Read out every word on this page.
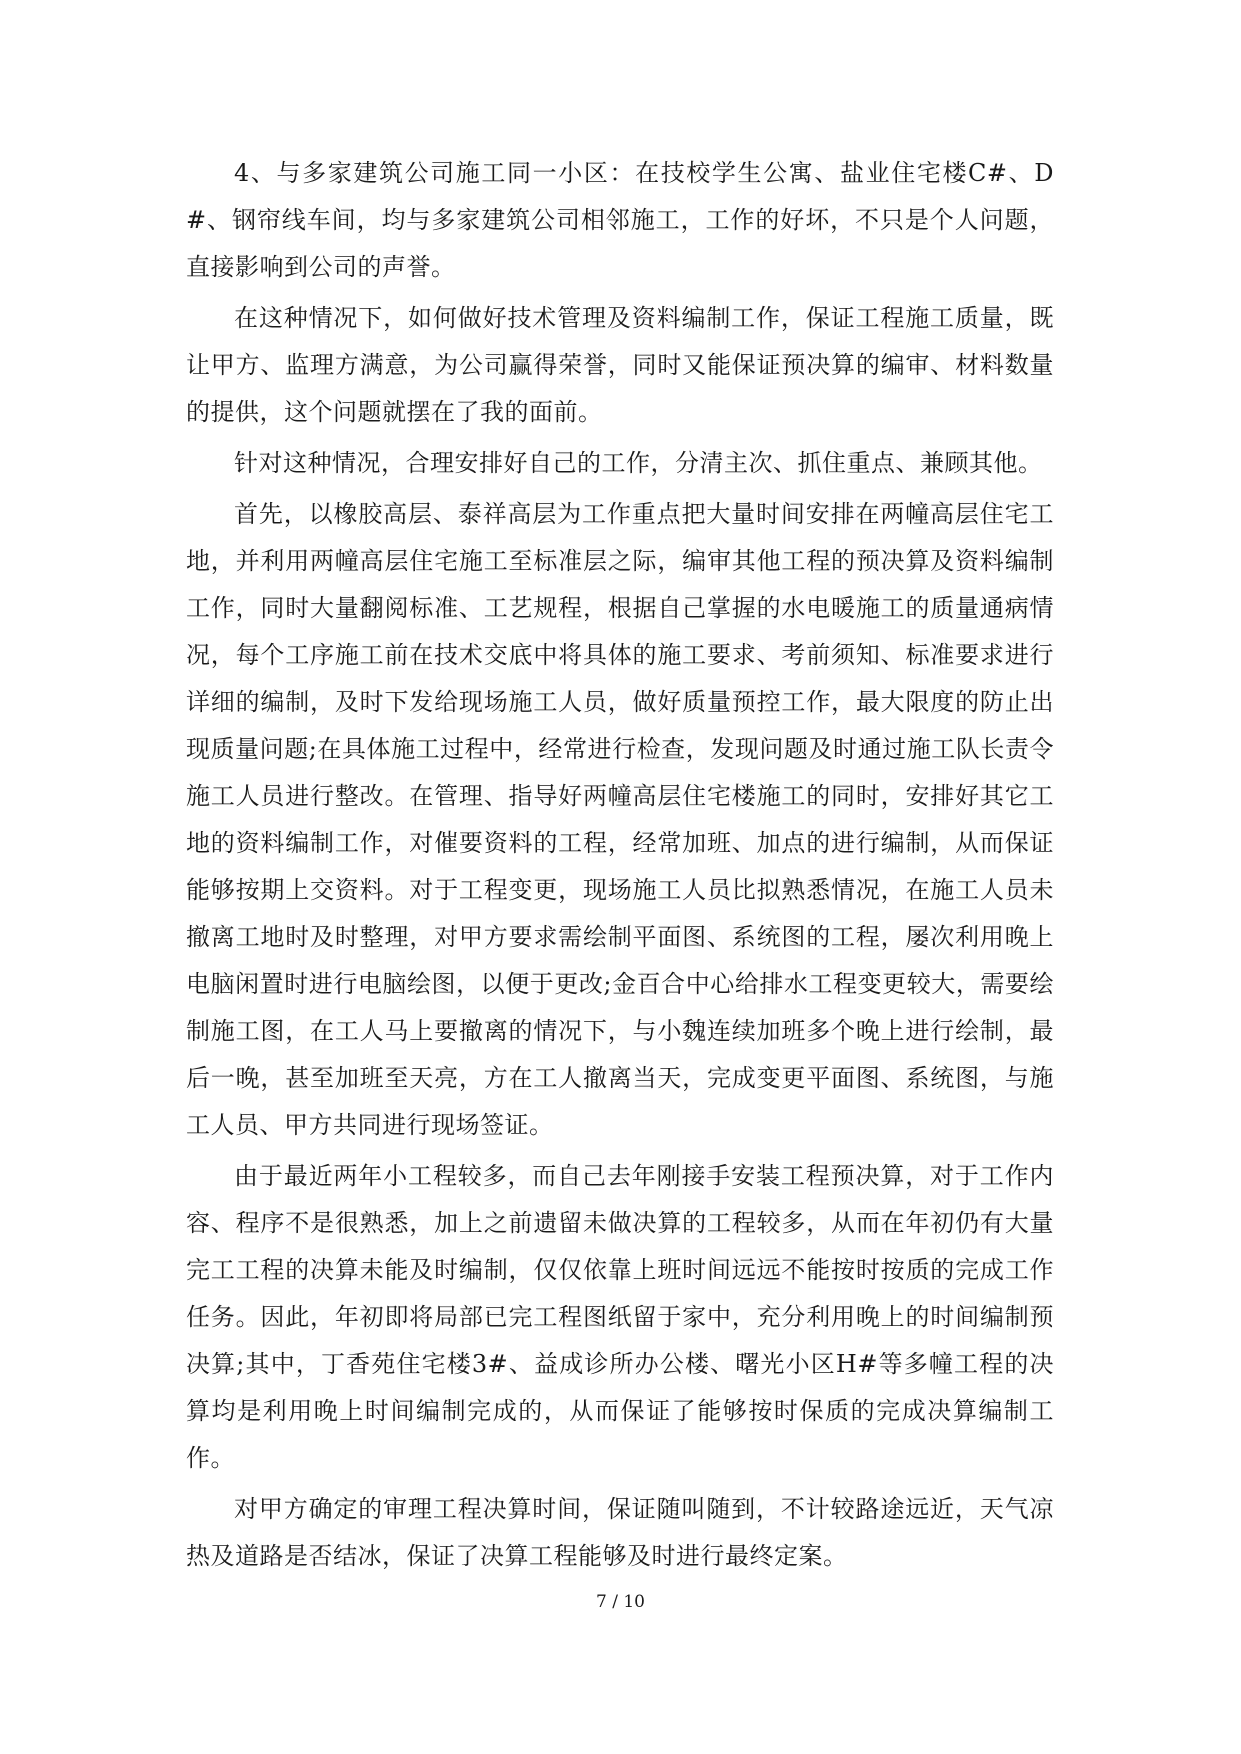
4、与多家建筑公司施工同一小区：在技校学生公寓、盐业住宅楼C#、D#、钢帘线车间，均与多家建筑公司相邻施工，工作的好坏，不只是个人问题，直接影响到公司的声誉。

在这种情况下，如何做好技术管理及资料编制工作，保证工程施工质量，既让甲方、监理方满意，为公司赢得荣誉，同时又能保证预决算的编审、材料数量的提供，这个问题就摆在了我的面前。

针对这种情况，合理安排好自己的工作，分清主次、抓住重点、兼顾其他。

首先，以橡胶高层、泰祥高层为工作重点把大量时间安排在两幢高层住宅工地，并利用两幢高层住宅施工至标准层之际，编审其他工程的预决算及资料编制工作，同时大量翻阅标准、工艺规程，根据自己掌握的水电暖施工的质量通病情况，每个工序施工前在技术交底中将具体的施工要求、考前须知、标准要求进行详细的编制，及时下发给现场施工人员，做好质量预控工作，最大限度的防止出现质量问题;在具体施工过程中，经常进行检查，发现问题及时通过施工队长责令施工人员进行整改。在管理、指导好两幢高层住宅楼施工的同时，安排好其它工地的资料编制工作，对催要资料的工程，经常加班、加点的进行编制，从而保证能够按期上交资料。对于工程变更，现场施工人员比拟熟悉情况，在施工人员未撤离工地时及时整理，对甲方要求需绘制平面图、系统图的工程，屡次利用晚上电脑闲置时进行电脑绘图，以便于更改;金百合中心给排水工程变更较大，需要绘制施工图，在工人马上要撤离的情况下，与小魏连续加班多个晚上进行绘制，最后一晚，甚至加班至天亮，方在工人撤离当天，完成变更平面图、系统图，与施工人员、甲方共同进行现场签证。

由于最近两年小工程较多，而自己去年刚接手安装工程预决算，对于工作内容、程序不是很熟悉，加上之前遗留未做决算的工程较多，从而在年初仍有大量完工工程的决算未能及时编制，仅仅依靠上班时间远远不能按时按质的完成工作任务。因此，年初即将局部已完工程图纸留于家中，充分利用晚上的时间编制预决算;其中，丁香苑住宅楼3#、益成诊所办公楼、曙光小区H#等多幢工程的决算均是利用晚上时间编制完成的，从而保证了能够按时保质的完成决算编制工作。

对甲方确定的审理工程决算时间，保证随叫随到，不计较路途远近，天气凉热及道路是否结冰，保证了决算工程能够及时进行最终定案。

7 / 10
